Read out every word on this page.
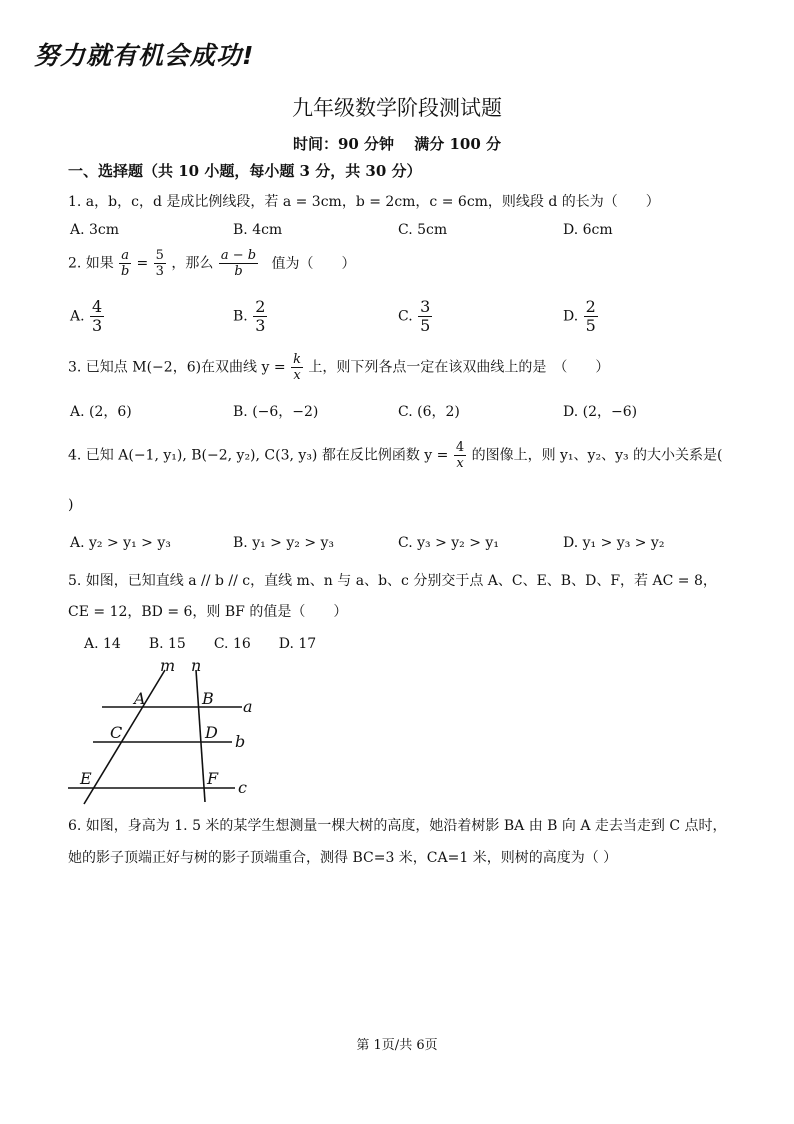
努力就有机会成功!
九年级数学阶段测试题
时间：90 分钟　 满分 100 分
一、选择题（共 10 小题，每小题 3 分，共 30 分）
1. a，b，c，d 是成比例线段，若 a = 3cm，b = 2cm，c = 6cm，则线段 d 的长为（　　）
A. 3cm	B. 4cm	C. 5cm	D. 6cm
2. 如果 $\frac{a}{b} = \frac{5}{3}$ ，那么 $\frac{a - b}{b}$ 值为（　　）
A. $\frac{4}{3}$	B. $\frac{2}{3}$	C. $\frac{3}{5}$	D. $\frac{2}{5}$
3. 已知点 M(−2，6)在双曲线 $y = \frac{k}{x}$ 上，则下列各点一定在该双曲线上的是　（　　）
A. (2，6)	B. (−6，−2)	C. (6，2)	D. (2，−6)
4. 已知 A(−1, y₁), B(−2, y₂), C(3, y₃) 都在反比例函数 $y = \frac{4}{x}$ 的图像上，则 y₁、y₂、y₃ 的大小关系是(
)
A. y₂ > y₁ > y₃	B. y₁ > y₂ > y₃	C. y₃ > y₂ > y₁	D. y₁ > y₃ > y₂
5. 如图，已知直线 a // b // c，直线 m、n 与 a、b、c 分别交于点 A、C、E、B、D、F，若 AC = 8，
CE = 12，BD = 6，则 BF 的值是（　　）
A. 14　　B. 15　　C. 16　　D. 17
m n
A	B
C	D
E	F
a
b
c
6. 如图，身高为 1. 5 米的某学生想测量一棵大树的高度，她沿着树影 BA 由 B 向 A 走去当走到 C 点时，
她的影子顶端正好与树的影子顶端重合，测得 BC=3 米，CA=1 米，则树的高度为（ ）
第 1页/共 6页
